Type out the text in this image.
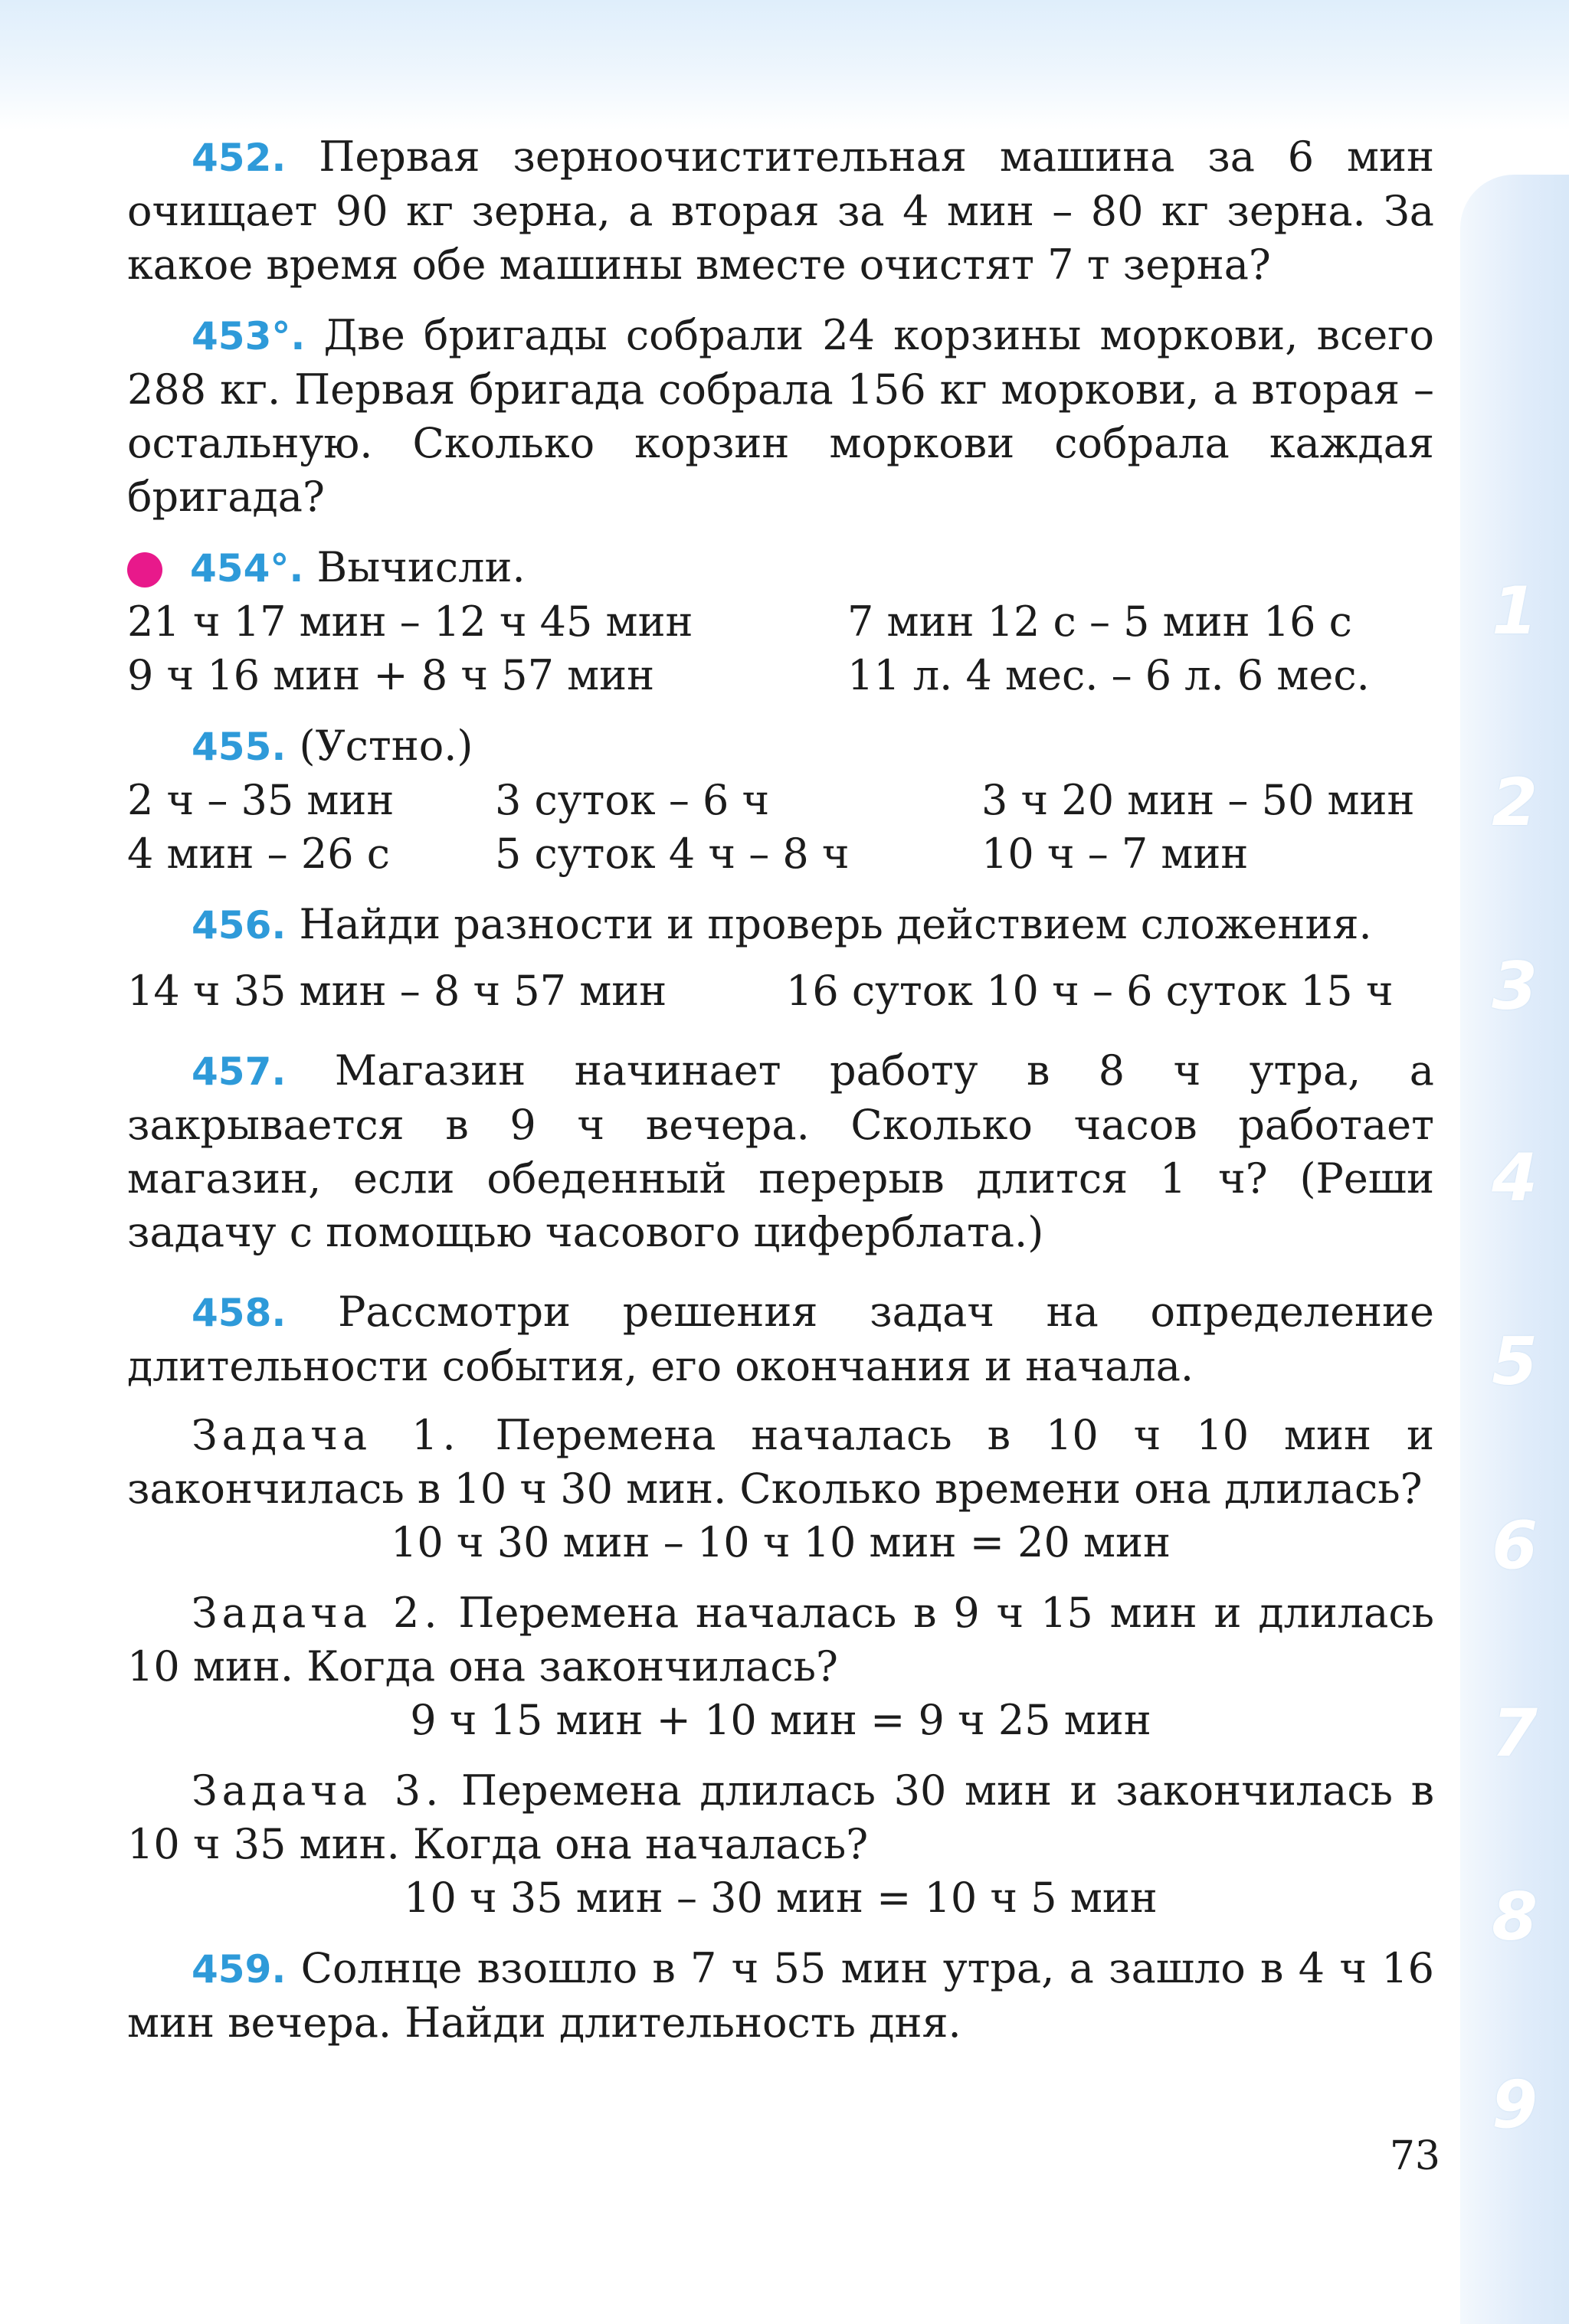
1
2
3
4
5
6
7
8
9
452. Первая зерноочистительная машина за 6 мин очищает 90 кг зерна, а вторая за 4 мин – 80 кг зерна. За какое время обе машины вместе очистят 7 т зерна?
453°. Две бригады собрали 24 корзины моркови, всего 288 кг. Первая бригада собрала 156 кг моркови, а вторая – остальную. Сколько корзин моркови собрала каждая бригада?
454°. Вычисли.
21 ч 17 мин – 12 ч 45 мин	7 мин 12 с – 5 мин 16 с
9 ч 16 мин + 8 ч 57 мин	11 л. 4 мес. – 6 л. 6 мес.
455. (Устно.)
2 ч – 35 мин	3 суток – 6 ч	3 ч 20 мин – 50 мин
4 мин – 26 с	5 суток 4 ч – 8 ч	10 ч – 7 мин
456. Найди разности и проверь действием сложения.
14 ч 35 мин – 8 ч 57 мин	16 суток 10 ч – 6 суток 15 ч
457. Магазин начинает работу в 8 ч утра, а закрывается в 9 ч вечера. Сколько часов работает магазин, если обеденный перерыв длится 1 ч? (Реши задачу с помощью часового циферблата.)
458. Рассмотри решения задач на определение длительности события, его окончания и начала.
Задача 1. Перемена началась в 10 ч 10 мин и закончилась в 10 ч 30 мин. Сколько времени она длилась?
10 ч 30 мин – 10 ч 10 мин = 20 мин
Задача 2. Перемена началась в 9 ч 15 мин и длилась 10 мин. Когда она закончилась?
9 ч 15 мин + 10 мин = 9 ч 25 мин
Задача 3. Перемена длилась 30 мин и закончилась в 10 ч 35 мин. Когда она началась?
10 ч 35 мин – 30 мин = 10 ч 5 мин
459. Солнце взошло в 7 ч 55 мин утра, а зашло в 4 ч 16 мин вечера. Найди длительность дня.
73
